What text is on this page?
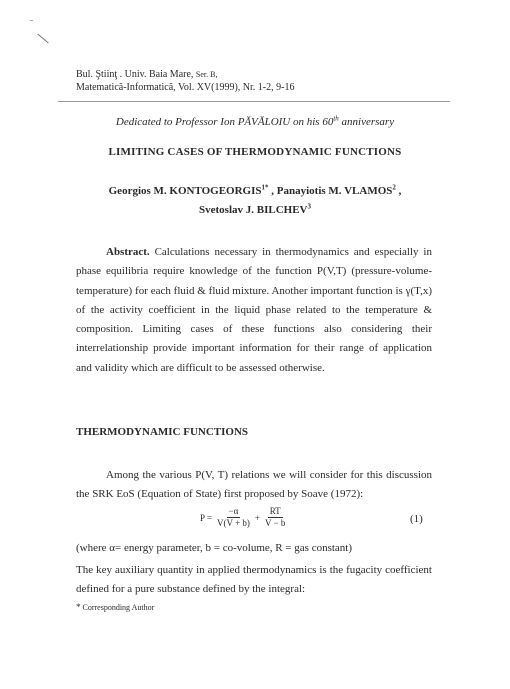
Bul. Ştiinţ . Univ. Baia Mare, Ser. B,
Matematică-Informatică, Vol. XV(1999), Nr. 1-2, 9-16
Dedicated to Professor Ion PĂVĂLOIU on his 60th anniversary
LIMITING CASES OF THERMODYNAMIC FUNCTIONS
Georgios M. $KONTOGEORGIS^{1*}$ , Panayiotis M. VLAMOS$^2$ ,
Svetoslav J. BILCHEV$^3$
Abstract. Calculations necessary in thermodynamics and especially in phase equilibria require knowledge of the function P(V,T) (pressure-volume-temperature) for each fluid & fluid mixture. Another important function is γ(T,x) of the activity coefficient in the liquid phase related to the temperature & composition. Limiting cases of these functions also considering their interrelationship provide important information for their range of application and validity which are difficult to be assessed otherwise.
THERMODYNAMIC FUNCTIONS
Among the various P(V, T) relations we will consider for this discussion the SRK EoS (Equation of State) first proposed by Soave (1972):
$P = \frac{-\alpha}{V(V + b)} + \frac{RT}{V - b}$	(1)
(where α= energy parameter, b = co-volume, R = gas constant)
The key auxiliary quantity in applied thermodynamics is the fugacity coefficient defined for a pure substance defined by the integral:
* Corresponding Author
